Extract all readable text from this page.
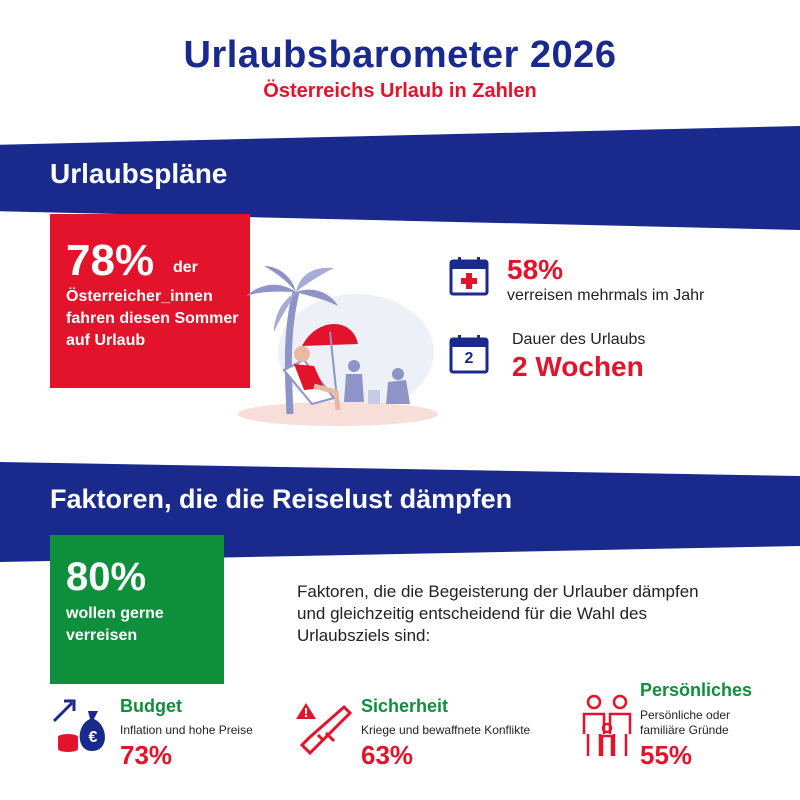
Urlaubsbarometer 2026
Österreichs Urlaub in Zahlen
Urlaubspläne
78% der
Österreicher_innen fahren diesen Sommer auf Urlaub
58%
verreisen mehrmals im Jahr
2
Dauer des Urlaubs
2 Wochen
Faktoren, die die Reiselust dämpfen
80%
wollen gerne verreisen
Faktoren, die die Begeisterung der Urlauber dämpfen und gleichzeitig entscheidend für die Wahl des Urlaubsziels sind:
€
Budget
Inflation und hohe Preise
73%
Sicherheit
Kriege und bewaffnete Konflikte
63%
Persönliches
Persönliche oder familiäre Gründe
55%
